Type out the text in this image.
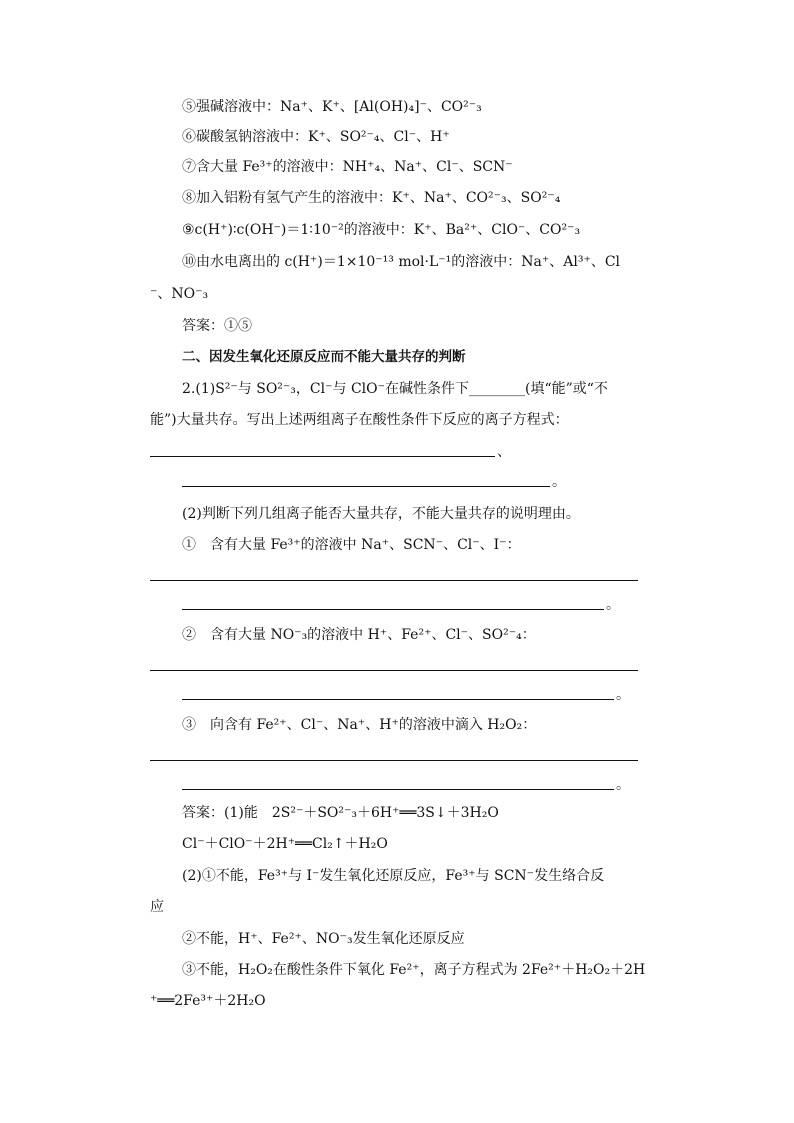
⑤强碱溶液中：Na⁺、K⁺、[Al(OH)₄]⁻、CO²⁻₃
⑥碳酸氢钠溶液中：K⁺、SO²⁻₄、Cl⁻、H⁺
⑦含大量 Fe³⁺的溶液中：NH⁺₄、Na⁺、Cl⁻、SCN⁻
⑧加入铝粉有氢气产生的溶液中：K⁺、Na⁺、CO²⁻₃、SO²⁻₄
⑨c(H⁺)∶c(OH⁻)＝1∶10⁻²的溶液中：K⁺、Ba²⁺、ClO⁻、CO²⁻₃
⑩由水电离出的 c(H⁺)＝1×10⁻¹³ mol·L⁻¹的溶液中：Na⁺、Al³⁺、Cl
⁻、NO⁻₃
答案：①⑤
二、因发生氧化还原反应而不能大量共存的判断
2.(1)S²⁻与 SO²⁻₃，Cl⁻与 ClO⁻在碱性条件下________(填“能”或“不
能”)大量共存。写出上述两组离子在酸性条件下反应的离子方程式：
、
。
(2)判断下列几组离子能否大量共存，不能大量共存的说明理由。
①　含有大量 Fe³⁺的溶液中 Na⁺、SCN⁻、Cl⁻、I⁻：
。
②　含有大量 NO⁻₃的溶液中 H⁺、Fe²⁺、Cl⁻、SO²⁻₄：
。
③　向含有 Fe²⁺、Cl⁻、Na⁺、H⁺的溶液中滴入 H₂O₂：
。
答案：(1)能　2S²⁻＋SO²⁻₃＋6H⁺══3S↓＋3H₂O
Cl⁻＋ClO⁻＋2H⁺══Cl₂↑＋H₂O
(2)①不能，Fe³⁺与 I⁻发生氧化还原反应，Fe³⁺与 SCN⁻发生络合反
应
②不能，H⁺、Fe²⁺、NO⁻₃发生氧化还原反应
③不能，H₂O₂在酸性条件下氧化 Fe²⁺，离子方程式为 2Fe²⁺＋H₂O₂＋2H
⁺══2Fe³⁺＋2H₂O
